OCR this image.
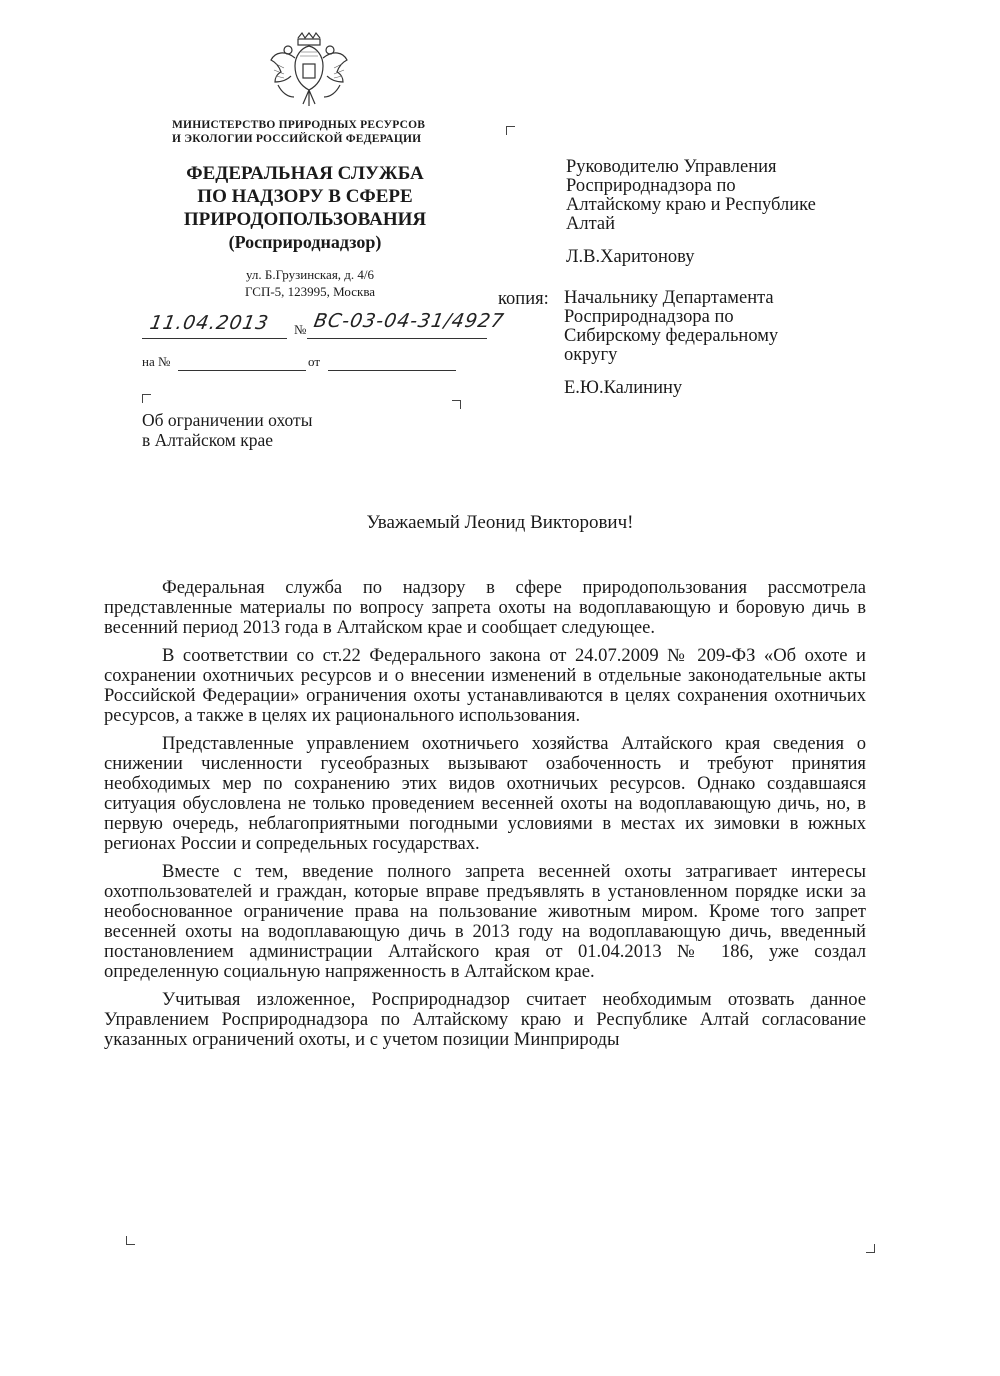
МИНИСТЕРСТВО ПРИРОДНЫХ РЕСУРСОВ
И ЭКОЛОГИИ РОССИЙСКОЙ ФЕДЕРАЦИИ
ФЕДЕРАЛЬНАЯ СЛУЖБА
ПО НАДЗОРУ В СФЕРЕ
ПРИРОДОПОЛЬЗОВАНИЯ
(Росприроднадзор)
ул. Б.Грузинская, д. 4/6
ГСП-5, 123995, Москва
11.04.2013 № ВС-03-04-31/4927
на №	от
Об ограничении охоты
в Алтайском крае
Руководителю Управления
Росприроднадзора по
Алтайскому краю и Республике
Алтай
Л.В.Харитонову
копия: Начальнику Департамента
Росприроднадзора по
Сибирскому федеральному
округу
Е.Ю.Калинину
Уважаемый Леонид Викторович!

Федеральная служба по надзору в сфере природопользования рассмотрела представленные материалы по вопросу запрета охоты на водоплавающую и боровую дичь в весенний период 2013 года в Алтайском крае и сообщает следующее.

В соответствии со ст.22 Федерального закона от 24.07.2009 № 209-ФЗ «Об охоте и сохранении охотничьих ресурсов и о внесении изменений в отдельные законодательные акты Российской Федерации» ограничения охоты устанавливаются в целях сохранения охотничьих ресурсов, а также в целях их рационального использования.

Представленные управлением охотничьего хозяйства Алтайского края сведения о снижении численности гусеобразных вызывают озабоченность и требуют принятия необходимых мер по сохранению этих видов охотничьих ресурсов. Однако создавшаяся ситуация обусловлена не только проведением весенней охоты на водоплавающую дичь, но, в первую очередь, неблагоприятными погодными условиями в местах их зимовки в южных регионах России и сопредельных государствах.

Вместе с тем, введение полного запрета весенней охоты затрагивает интересы охотпользователей и граждан, которые вправе предъявлять в установленном порядке иски за необоснованное ограничение права на пользование животным миром. Кроме того запрет весенней охоты на водоплавающую дичь в 2013 году на водоплавающую дичь, введенный постановлением администрации Алтайского края от 01.04.2013 № 186, уже создал определенную социальную напряженность в Алтайском крае.

Учитывая изложенное, Росприроднадзор считает необходимым отозвать данное Управлением Росприроднадзора по Алтайскому краю и Республике Алтай согласование указанных ограничений охоты, и с учетом позиции Минприроды
